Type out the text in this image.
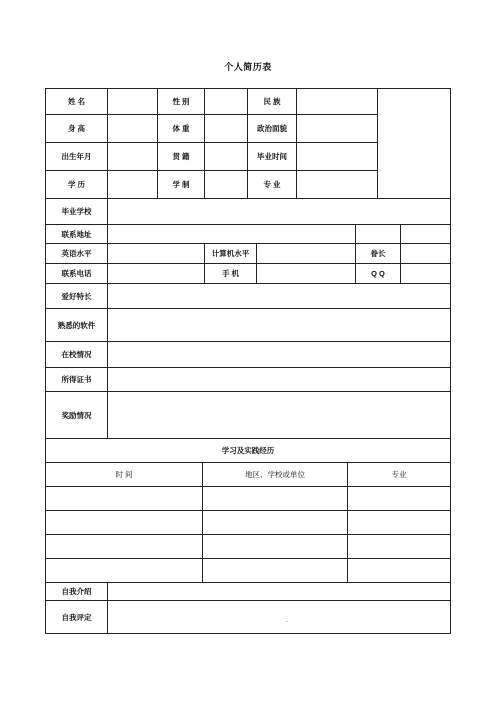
个人简历表
姓 名	性 别	民 族
身 高	体 重	政治面貌
出生年月	贯 籍	毕业时间
学 历	学 制	专 业
毕业学校
联系地址
英语水平	计算机水平	眷长
联系电话	手 机	Q Q
爱好特长
熟悉的软件
在校情况
所得证书
奖励情况
学习及实践经历
时 间	地区、学校或单位	专业
自我介绍
自我评定
-
